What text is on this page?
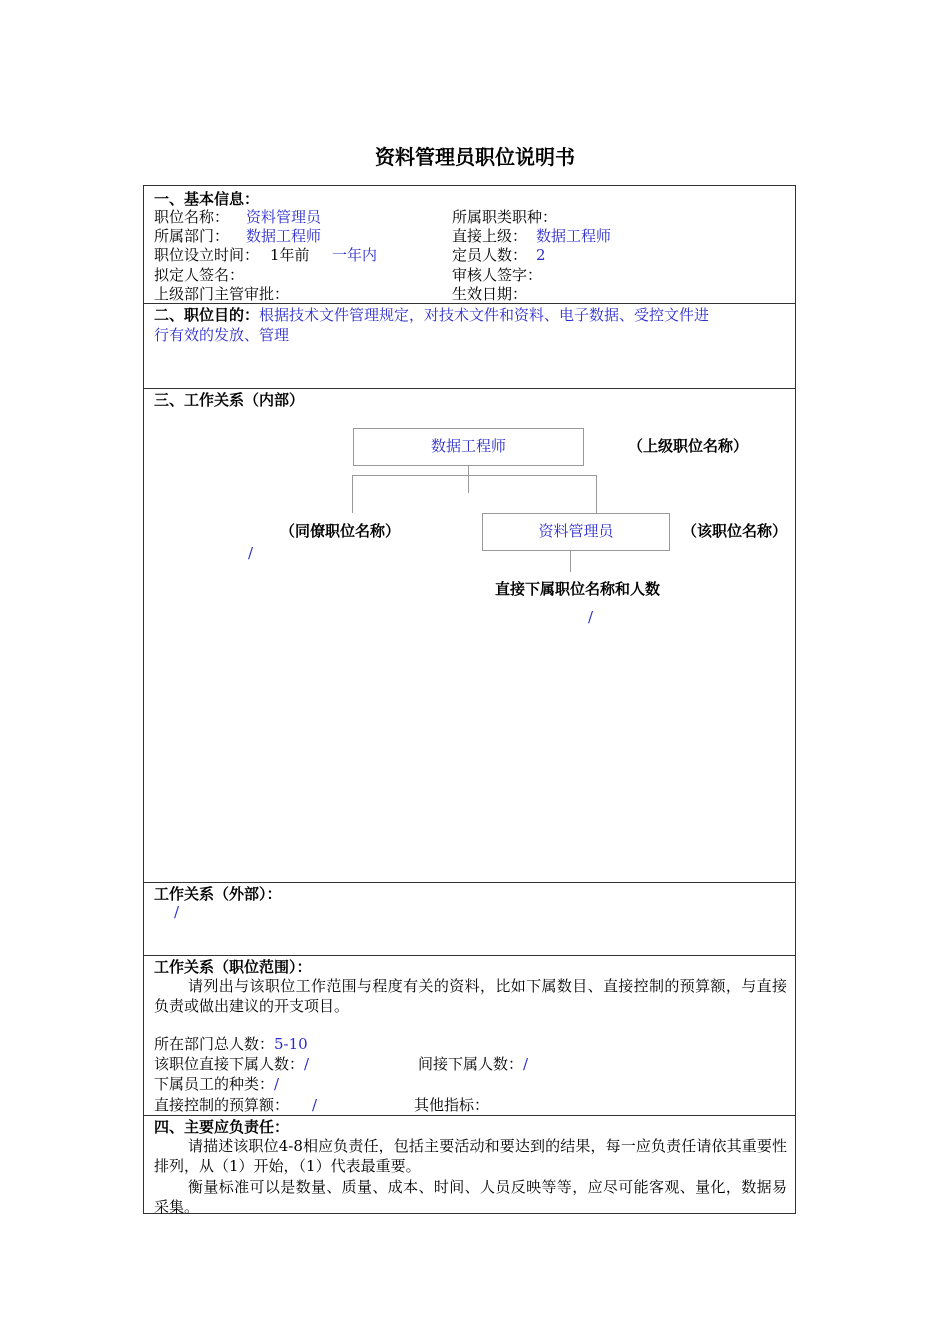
资料管理员职位说明书
一、基本信息：
职位名称： 资料管理员	所属职类职种：
所属部门： 数据工程师	直接上级： 数据工程师
职位设立时间： 1年前 一年内	定员人数： 2
拟定人签名：	审核人签字：
上级部门主管审批：	生效日期：
二、职位目的：根据技术文件管理规定，对技术文件和资料、电子数据、受控文件进
行有效的发放、管理
三、工作关系（内部）
数据工程师	（上级职位名称）
资料管理员
（同僚职位名称）	（该职位名称）
/
直接下属职位名称和人数
/
工作关系（外部）：
/
工作关系（职位范围）：
请列出与该职位工作范围与程度有关的资料，比如下属数目、直接控制的预算额，与直接负责或做出建议的开支项目。
所在部门总人数：5-10
该职位直接下属人数：/	间接下属人数：/
下属员工的种类：/
直接控制的预算额： /	其他指标：
四、主要应负责任：
请描述该职位4-8相应负责任，包括主要活动和要达到的结果，每一应负责任请依其重要性排列，从（1）开始，（1）代表最重要。
衡量标准可以是数量、质量、成本、时间、人员反映等等，应尽可能客观、量化，数据易采集。
